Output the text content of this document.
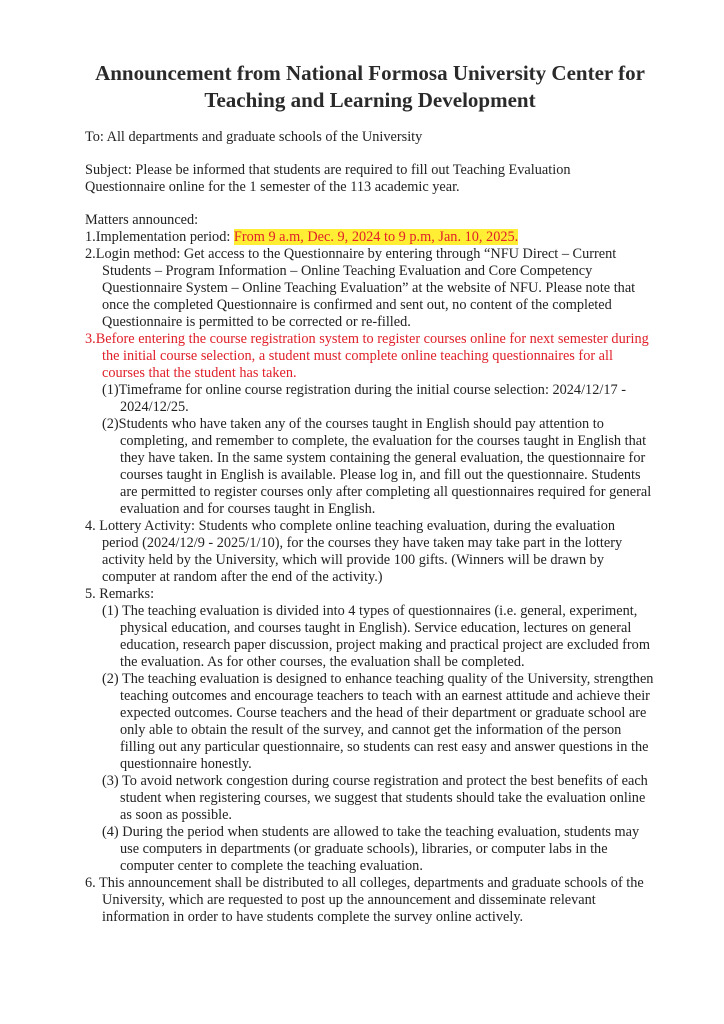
Announcement from National Formosa University Center for
Teaching and Learning Development
To: All departments and graduate schools of the University
Subject: Please be informed that students are required to fill out Teaching Evaluation
Questionnaire online for the 1 semester of the 113 academic year.
Matters announced:
1.Implementation period: From 9 a.m, Dec. 9, 2024 to 9 p.m, Jan. 10, 2025.
2.Login method: Get access to the Questionnaire by entering through “NFU Direct – Current
Students – Program Information – Online Teaching Evaluation and Core Competency
Questionnaire System – Online Teaching Evaluation” at the website of NFU. Please note that
once the completed Questionnaire is confirmed and sent out, no content of the completed
Questionnaire is permitted to be corrected or re-filled.
3.Before entering the course registration system to register courses online for next semester during
the initial course selection, a student must complete online teaching questionnaires for all
courses that the student has taken.
(1)Timeframe for online course registration during the initial course selection: 2024/12/17 -
2024/12/25.
(2)Students who have taken any of the courses taught in English should pay attention to
completing, and remember to complete, the evaluation for the courses taught in English that
they have taken. In the same system containing the general evaluation, the questionnaire for
courses taught in English is available. Please log in, and fill out the questionnaire. Students
are permitted to register courses only after completing all questionnaires required for general
evaluation and for courses taught in English.
4. Lottery Activity: Students who complete online teaching evaluation, during the evaluation
period (2024/12/9 - 2025/1/10), for the courses they have taken may take part in the lottery
activity held by the University, which will provide 100 gifts. (Winners will be drawn by
computer at random after the end of the activity.)
5. Remarks:
(1) The teaching evaluation is divided into 4 types of questionnaires (i.e. general, experiment,
physical education, and courses taught in English). Service education, lectures on general
education, research paper discussion, project making and practical project are excluded from
the evaluation. As for other courses, the evaluation shall be completed.
(2) The teaching evaluation is designed to enhance teaching quality of the University, strengthen
teaching outcomes and encourage teachers to teach with an earnest attitude and achieve their
expected outcomes. Course teachers and the head of their department or graduate school are
only able to obtain the result of the survey, and cannot get the information of the person
filling out any particular questionnaire, so students can rest easy and answer questions in the
questionnaire honestly.
(3) To avoid network congestion during course registration and protect the best benefits of each
student when registering courses, we suggest that students should take the evaluation online
as soon as possible.
(4) During the period when students are allowed to take the teaching evaluation, students may
use computers in departments (or graduate schools), libraries, or computer labs in the
computer center to complete the teaching evaluation.
6. This announcement shall be distributed to all colleges, departments and graduate schools of the
University, which are requested to post up the announcement and disseminate relevant
information in order to have students complete the survey online actively.
